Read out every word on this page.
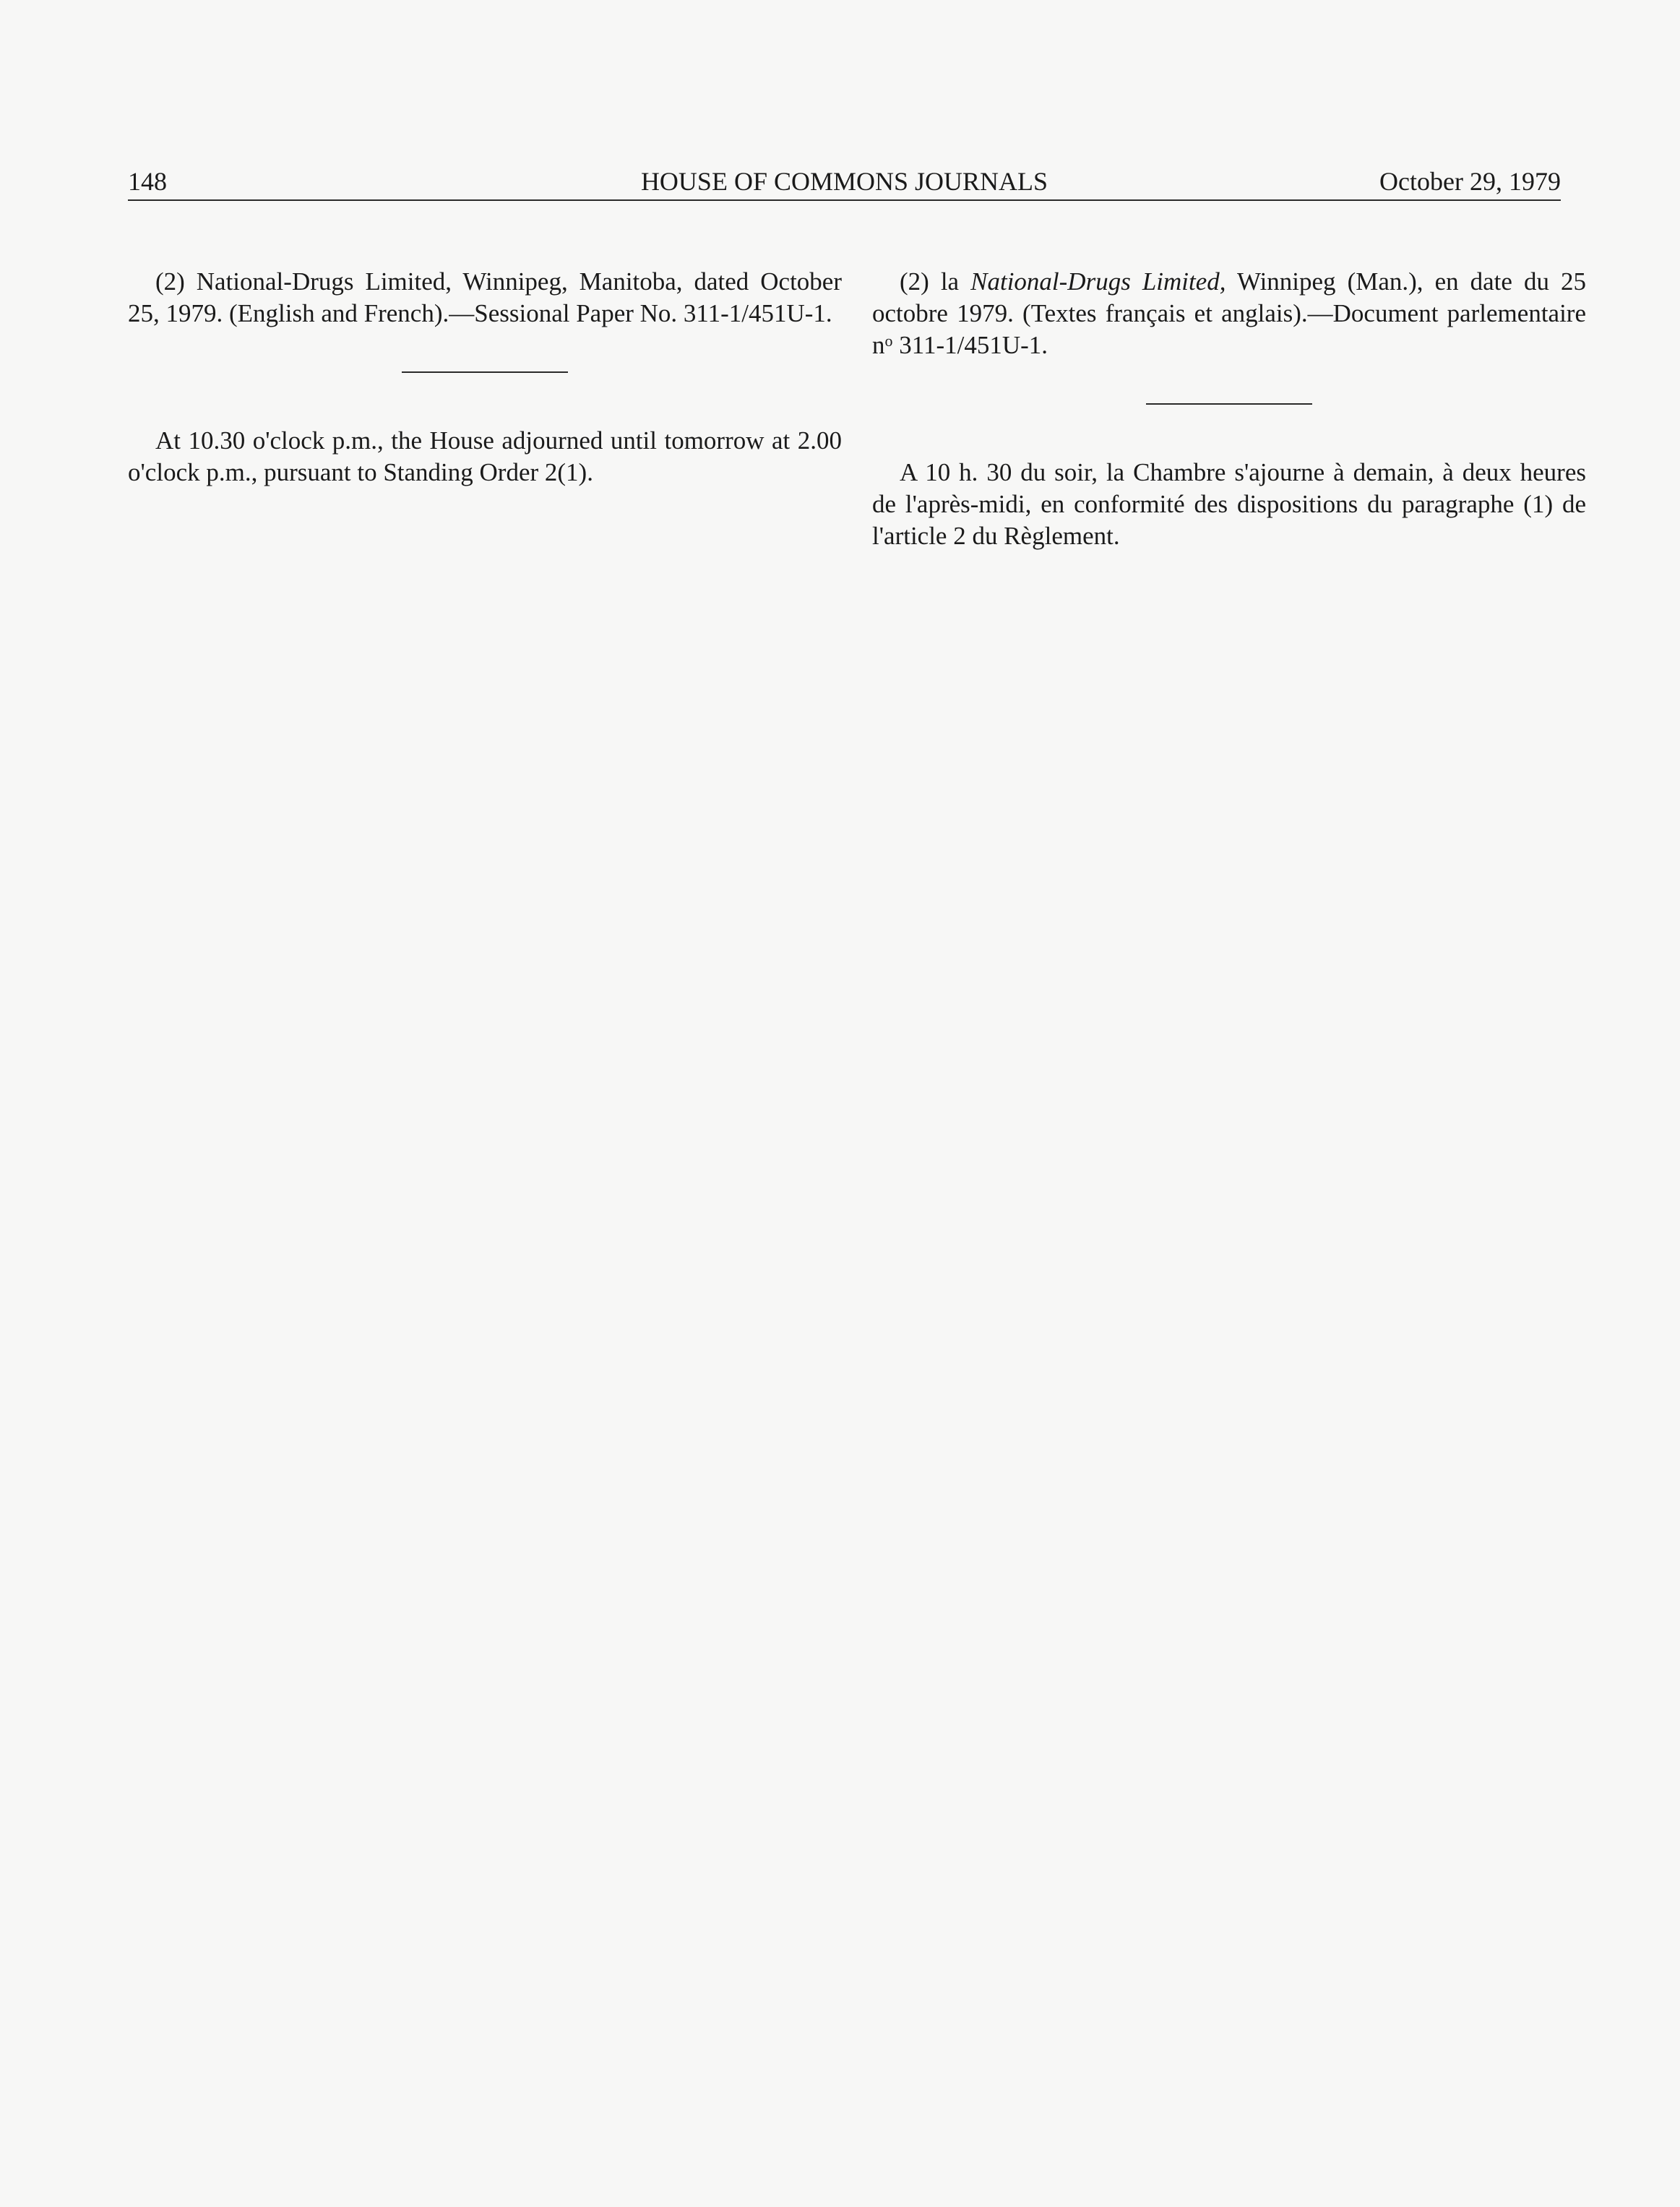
148	HOUSE OF COMMONS JOURNALS	October 29, 1979

(2) National-Drugs Limited, Winnipeg, Manitoba, dated October 25, 1979. (English and French).—Sessional Paper No. 311-1/451U-1.

At 10.30 o'clock p.m., the House adjourned until tomorrow at 2.00 o'clock p.m., pursuant to Standing Order 2(1).

(2) la National-Drugs Limited, Winnipeg (Man.), en date du 25 octobre 1979. (Textes français et anglais).—Document parlementaire $n^o$ 311-1/451U-1.

A 10 h. 30 du soir, la Chambre s'ajourne à demain, à deux heures de l'après-midi, en conformité des dispositions du paragraphe (1) de l'article 2 du Règlement.
